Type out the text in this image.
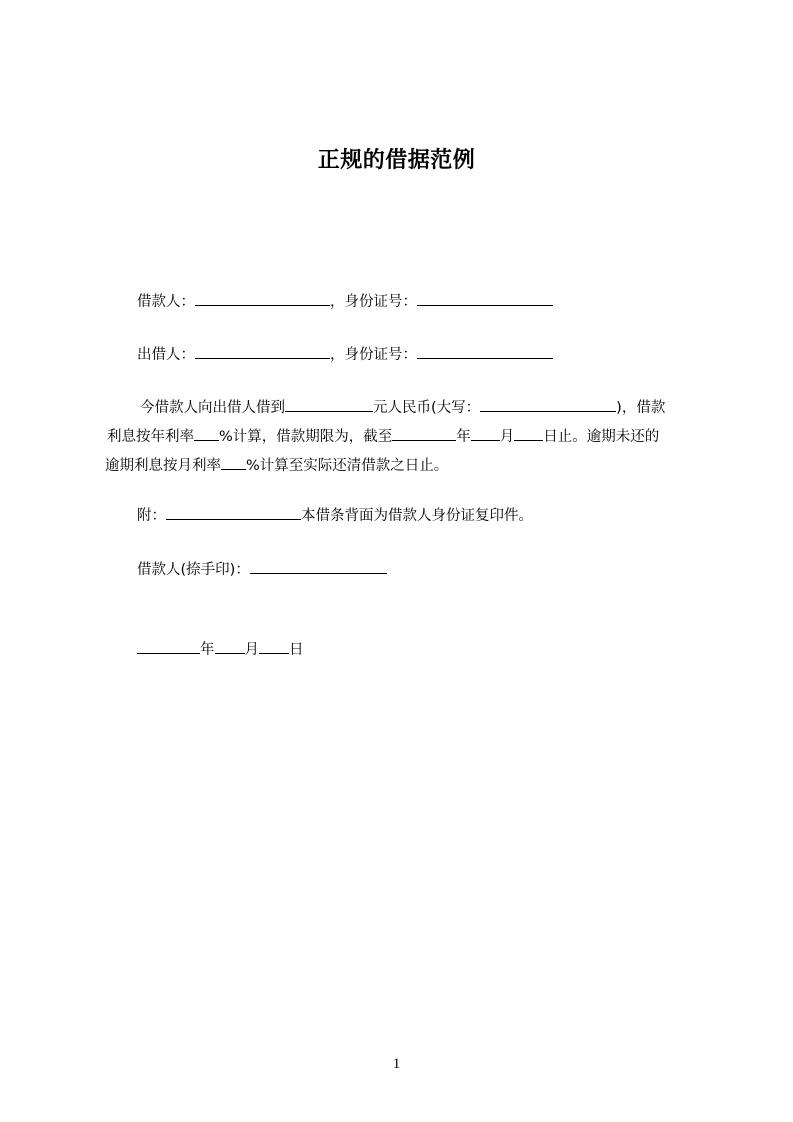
正规的借据范例
借款人：	，身份证号：
出借人：	，身份证号：
今借款人向出借人借到	元人民币(大写：	)，借款
利息按年利率 %计算，借款期限为，截至	年 月 日止。逾期未还的
逾期利息按月利率 %计算至实际还清借款之日止。
附：	本借条背面为借款人身份证复印件。
借款人(捺手印)：
年 月 日
1
